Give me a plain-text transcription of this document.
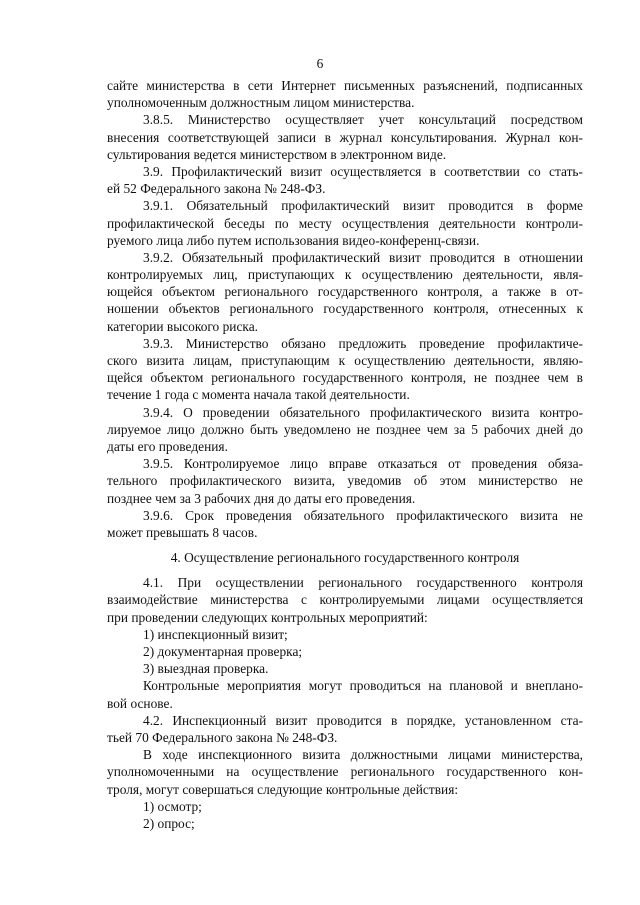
6
сайте министерства в сети Интернет письменных разъяснений, подписанных
уполномоченным должностным лицом министерства.
3.8.5. Министерство осуществляет учет консультаций посредством
внесения соответствующей записи в журнал консультирования. Журнал кон-
сультирования ведется министерством в электронном виде.
3.9. Профилактический визит осуществляется в соответствии со стать-
ей 52 Федерального закона № 248-ФЗ.
3.9.1. Обязательный профилактический визит проводится в форме
профилактической беседы по месту осуществления деятельности контроли-
руемого лица либо путем использования видео-конференц-связи.
3.9.2. Обязательный профилактический визит проводится в отношении
контролируемых лиц, приступающих к осуществлению деятельности, явля-
ющейся объектом регионального государственного контроля, а также в от-
ношении объектов регионального государственного контроля, отнесенных к
категории высокого риска.
3.9.3. Министерство обязано предложить проведение профилактиче-
ского визита лицам, приступающим к осуществлению деятельности, являю-
щейся объектом регионального государственного контроля, не позднее чем в
течение 1 года с момента начала такой деятельности.
3.9.4. О проведении обязательного профилактического визита контро-
лируемое лицо должно быть уведомлено не позднее чем за 5 рабочих дней до
даты его проведения.
3.9.5. Контролируемое лицо вправе отказаться от проведения обяза-
тельного профилактического визита, уведомив об этом министерство не
позднее чем за 3 рабочих дня до даты его проведения.
3.9.6. Срок проведения обязательного профилактического визита не
может превышать 8 часов.
4. Осуществление регионального государственного контроля
4.1. При осуществлении регионального государственного контроля
взаимодействие министерства с контролируемыми лицами осуществляется
при проведении следующих контрольных мероприятий:
1) инспекционный визит;
2) документарная проверка;
3) выездная проверка.
Контрольные мероприятия могут проводиться на плановой и внеплано-
вой основе.
4.2. Инспекционный визит проводится в порядке, установленном ста-
тьей 70 Федерального закона № 248-ФЗ.
В ходе инспекционного визита должностными лицами министерства,
уполномоченными на осуществление регионального государственного кон-
троля, могут совершаться следующие контрольные действия:
1) осмотр;
2) опрос;
